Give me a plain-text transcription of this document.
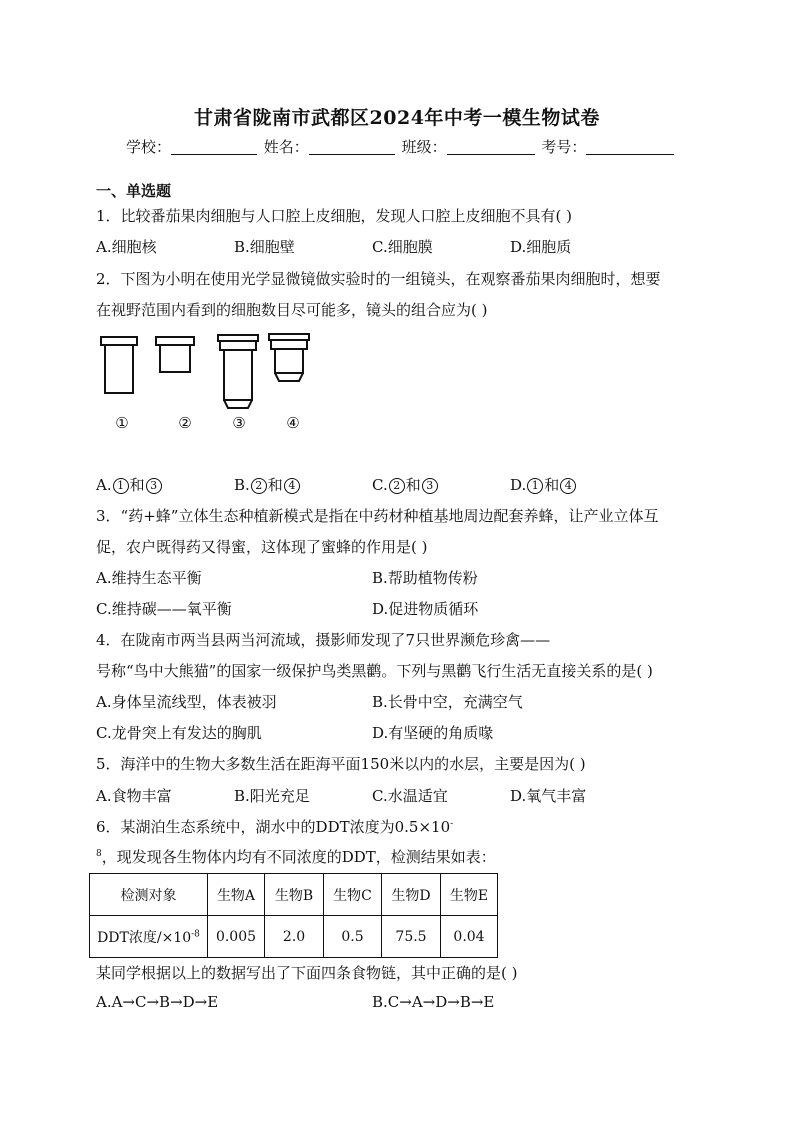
甘肃省陇南市武都区2024年中考一模生物试卷
学校：	姓名：	班级：	考号：
一、单选题
1．比较番茄果肉细胞与人口腔上皮细胞，发现人口腔上皮细胞不具有( )
A.细胞核	B.细胞壁	C.细胞膜	D.细胞质
2．下图为小明在使用光学显微镜做实验时的一组镜头，在观察番茄果肉细胞时，想要
在视野范围内看到的细胞数目尽可能多，镜头的组合应为( )
①	②	③	④
A. 1 和 3	B. 2 和 4	C. 2 和 3	D. 1 和 4
3．“药+蜂”立体生态种植新模式是指在中药材种植基地周边配套养蜂，让产业立体互
促，农户既得药又得蜜，这体现了蜜蜂的作用是( )
A.维持生态平衡	B.帮助植物传粉
C.维持碳——氧平衡	D.促进物质循环
4．在陇南市两当县两当河流域，摄影师发现了7只世界濒危珍禽——
号称“鸟中大熊猫”的国家一级保护鸟类黑鹳。下列与黑鹳飞行生活无直接关系的是( )
A.身体呈流线型，体表被羽	B.长骨中空，充满空气
C.龙骨突上有发达的胸肌	D.有坚硬的角质喙
5．海洋中的生物大多数生活在距海平面150米以内的水层，主要是因为( )
A.食物丰富	B.阳光充足	C.水温适宜	D.氧气丰富
6．某湖泊生态系统中，湖水中的DDT浓度为0.5×10-
$^8$，现发现各生物体内均有不同浓度的DDT，检测结果如表：
检测对象	生物A	生物B	生物C	生物D	生物E
DDT浓度$/\times 10^{-8}$	0.005	2.0	0.5	75.5	0.04
某同学根据以上的数据写出了下面四条食物链，其中正确的是( )
A.A→C→B→D→E	B.C→A→D→B→E
